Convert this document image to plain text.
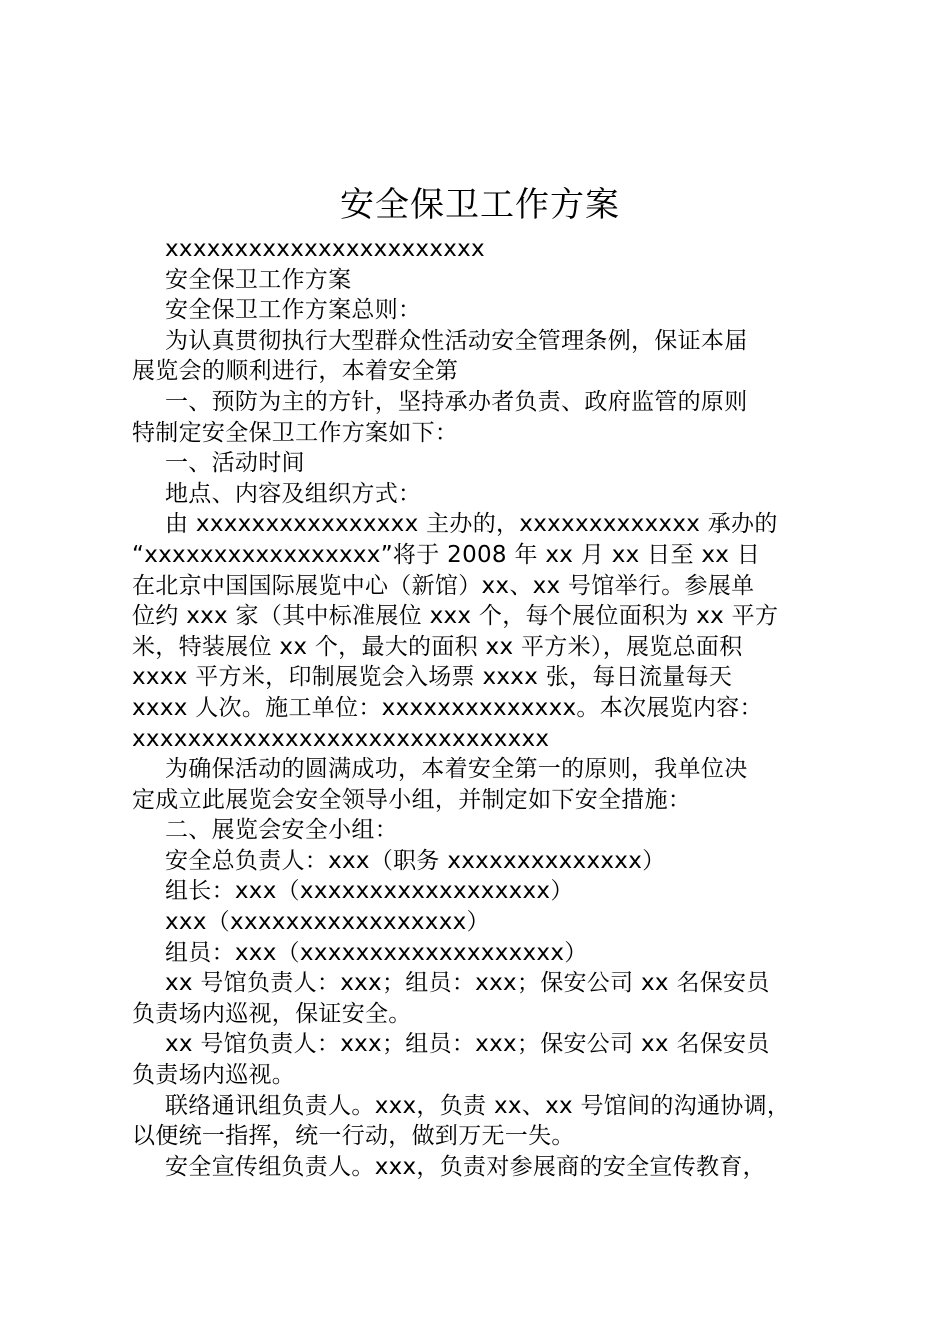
安全保卫工作方案
xxxxxxxxxxxxxxxxxxxxxxx
安全保卫工作方案
安全保卫工作方案总则：
为认真贯彻执行大型群众性活动安全管理条例，保证本届
展览会的顺利进行，本着安全第
一、预防为主的方针，坚持承办者负责、政府监管的原则
特制定安全保卫工作方案如下：
一、活动时间
地点、内容及组织方式：
由 xxxxxxxxxxxxxxxx 主办的，xxxxxxxxxxxxx 承办的
“xxxxxxxxxxxxxxxxx”将于 2008 年 xx 月 xx 日至 xx 日
在北京中国国际展览中心（新馆）xx、xx 号馆举行。参展单
位约 xxx 家（其中标准展位 xxx 个，每个展位面积为 xx 平方
米，特装展位 xx 个，最大的面积 xx 平方米），展览总面积
xxxx 平方米，印制展览会入场票 xxxx 张，每日流量每天
xxxx 人次。施工单位：xxxxxxxxxxxxxx。本次展览内容：
xxxxxxxxxxxxxxxxxxxxxxxxxxxxxx
为确保活动的圆满成功，本着安全第一的原则，我单位决
定成立此展览会安全领导小组，并制定如下安全措施：
二、展览会安全小组：
安全总负责人：xxx（职务 xxxxxxxxxxxxxx）
组长：xxx（xxxxxxxxxxxxxxxxxx）
xxx（xxxxxxxxxxxxxxxxx）
组员：xxx（xxxxxxxxxxxxxxxxxxx）
xx 号馆负责人：xxx；组员：xxx；保安公司 xx 名保安员
负责场内巡视，保证安全。
xx 号馆负责人：xxx；组员：xxx；保安公司 xx 名保安员
负责场内巡视。
联络通讯组负责人。xxx，负责 xx、xx 号馆间的沟通协调，
以便统一指挥，统一行动，做到万无一失。
安全宣传组负责人。xxx，负责对参展商的安全宣传教育，
